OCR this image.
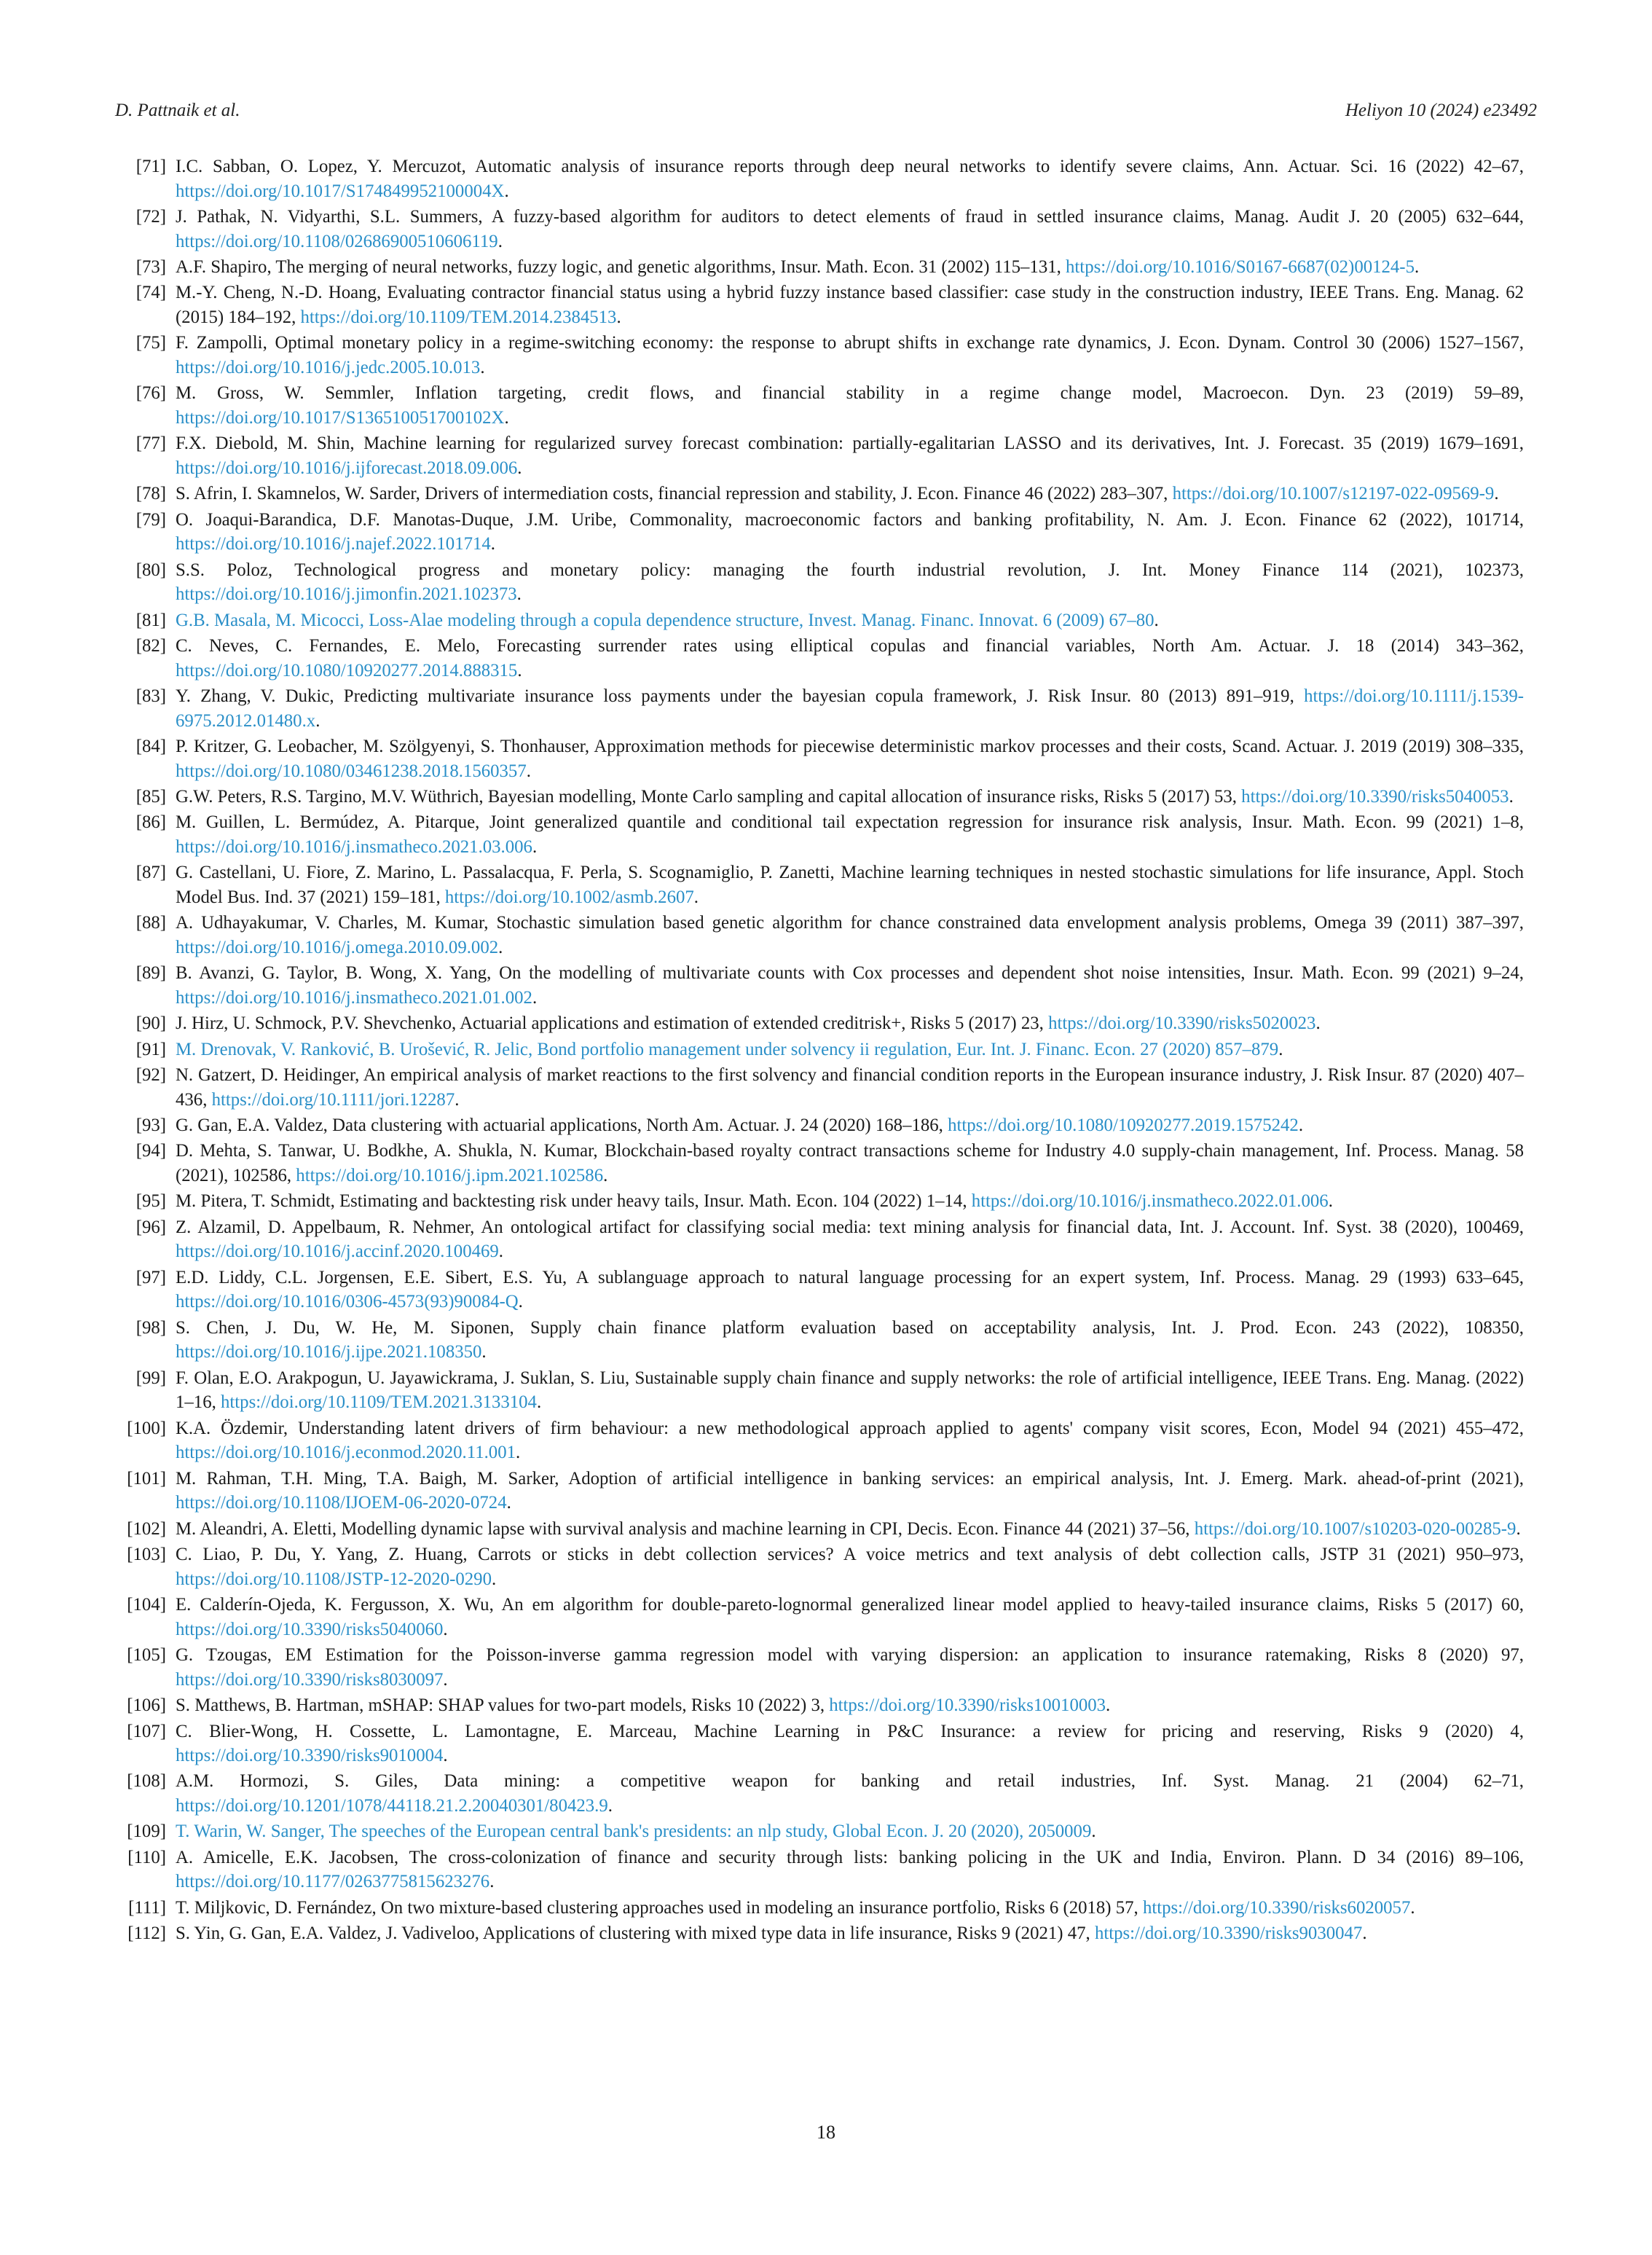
D. Pattnaik et al.	Heliyon 10 (2024) e23492
[71] I.C. Sabban, O. Lopez, Y. Mercuzot, Automatic analysis of insurance reports through deep neural networks to identify severe claims, Ann. Actuar. Sci. 16 (2022) 42–67, https://doi.org/10.1017/S174849952100004X.
[72] J. Pathak, N. Vidyarthi, S.L. Summers, A fuzzy-based algorithm for auditors to detect elements of fraud in settled insurance claims, Manag. Audit J. 20 (2005) 632–644, https://doi.org/10.1108/02686900510606119.
[73] A.F. Shapiro, The merging of neural networks, fuzzy logic, and genetic algorithms, Insur. Math. Econ. 31 (2002) 115–131, https://doi.org/10.1016/S0167-6687(02)00124-5.
[74] M.-Y. Cheng, N.-D. Hoang, Evaluating contractor financial status using a hybrid fuzzy instance based classifier: case study in the construction industry, IEEE Trans. Eng. Manag. 62 (2015) 184–192, https://doi.org/10.1109/TEM.2014.2384513.
[75] F. Zampolli, Optimal monetary policy in a regime-switching economy: the response to abrupt shifts in exchange rate dynamics, J. Econ. Dynam. Control 30 (2006) 1527–1567, https://doi.org/10.1016/j.jedc.2005.10.013.
[76] M. Gross, W. Semmler, Inflation targeting, credit flows, and financial stability in a regime change model, Macroecon. Dyn. 23 (2019) 59–89, https://doi.org/10.1017/S136510051700102X.
[77] F.X. Diebold, M. Shin, Machine learning for regularized survey forecast combination: partially-egalitarian LASSO and its derivatives, Int. J. Forecast. 35 (2019) 1679–1691, https://doi.org/10.1016/j.ijforecast.2018.09.006.
[78] S. Afrin, I. Skamnelos, W. Sarder, Drivers of intermediation costs, financial repression and stability, J. Econ. Finance 46 (2022) 283–307, https://doi.org/10.1007/s12197-022-09569-9.
[79] O. Joaqui-Barandica, D.F. Manotas-Duque, J.M. Uribe, Commonality, macroeconomic factors and banking profitability, N. Am. J. Econ. Finance 62 (2022), 101714, https://doi.org/10.1016/j.najef.2022.101714.
[80] S.S. Poloz, Technological progress and monetary policy: managing the fourth industrial revolution, J. Int. Money Finance 114 (2021), 102373, https://doi.org/10.1016/j.jimonfin.2021.102373.
[81] G.B. Masala, M. Micocci, Loss-Alae modeling through a copula dependence structure, Invest. Manag. Financ. Innovat. 6 (2009) 67–80.
[82] C. Neves, C. Fernandes, E. Melo, Forecasting surrender rates using elliptical copulas and financial variables, North Am. Actuar. J. 18 (2014) 343–362, https://doi.org/10.1080/10920277.2014.888315.
[83] Y. Zhang, V. Dukic, Predicting multivariate insurance loss payments under the bayesian copula framework, J. Risk Insur. 80 (2013) 891–919, https://doi.org/10.1111/j.1539-6975.2012.01480.x.
[84] P. Kritzer, G. Leobacher, M. Szölgyenyi, S. Thonhauser, Approximation methods for piecewise deterministic markov processes and their costs, Scand. Actuar. J. 2019 (2019) 308–335, https://doi.org/10.1080/03461238.2018.1560357.
[85] G.W. Peters, R.S. Targino, M.V. Wüthrich, Bayesian modelling, Monte Carlo sampling and capital allocation of insurance risks, Risks 5 (2017) 53, https://doi.org/10.3390/risks5040053.
[86] M. Guillen, L. Bermúdez, A. Pitarque, Joint generalized quantile and conditional tail expectation regression for insurance risk analysis, Insur. Math. Econ. 99 (2021) 1–8, https://doi.org/10.1016/j.insmatheco.2021.03.006.
[87] G. Castellani, U. Fiore, Z. Marino, L. Passalacqua, F. Perla, S. Scognamiglio, P. Zanetti, Machine learning techniques in nested stochastic simulations for life insurance, Appl. Stoch Model Bus. Ind. 37 (2021) 159–181, https://doi.org/10.1002/asmb.2607.
[88] A. Udhayakumar, V. Charles, M. Kumar, Stochastic simulation based genetic algorithm for chance constrained data envelopment analysis problems, Omega 39 (2011) 387–397, https://doi.org/10.1016/j.omega.2010.09.002.
[89] B. Avanzi, G. Taylor, B. Wong, X. Yang, On the modelling of multivariate counts with Cox processes and dependent shot noise intensities, Insur. Math. Econ. 99 (2021) 9–24, https://doi.org/10.1016/j.insmatheco.2021.01.002.
[90] J. Hirz, U. Schmock, P.V. Shevchenko, Actuarial applications and estimation of extended creditrisk+, Risks 5 (2017) 23, https://doi.org/10.3390/risks5020023.
[91] M. Drenovak, V. Ranković, B. Urošević, R. Jelic, Bond portfolio management under solvency ii regulation, Eur. Int. J. Financ. Econ. 27 (2020) 857–879.
[92] N. Gatzert, D. Heidinger, An empirical analysis of market reactions to the first solvency and financial condition reports in the European insurance industry, J. Risk Insur. 87 (2020) 407–436, https://doi.org/10.1111/jori.12287.
[93] G. Gan, E.A. Valdez, Data clustering with actuarial applications, North Am. Actuar. J. 24 (2020) 168–186, https://doi.org/10.1080/10920277.2019.1575242.
[94] D. Mehta, S. Tanwar, U. Bodkhe, A. Shukla, N. Kumar, Blockchain-based royalty contract transactions scheme for Industry 4.0 supply-chain management, Inf. Process. Manag. 58 (2021), 102586, https://doi.org/10.1016/j.ipm.2021.102586.
[95] M. Pitera, T. Schmidt, Estimating and backtesting risk under heavy tails, Insur. Math. Econ. 104 (2022) 1–14, https://doi.org/10.1016/j.insmatheco.2022.01.006.
[96] Z. Alzamil, D. Appelbaum, R. Nehmer, An ontological artifact for classifying social media: text mining analysis for financial data, Int. J. Account. Inf. Syst. 38 (2020), 100469, https://doi.org/10.1016/j.accinf.2020.100469.
[97] E.D. Liddy, C.L. Jorgensen, E.E. Sibert, E.S. Yu, A sublanguage approach to natural language processing for an expert system, Inf. Process. Manag. 29 (1993) 633–645, https://doi.org/10.1016/0306-4573(93)90084-Q.
[98] S. Chen, J. Du, W. He, M. Siponen, Supply chain finance platform evaluation based on acceptability analysis, Int. J. Prod. Econ. 243 (2022), 108350, https://doi.org/10.1016/j.ijpe.2021.108350.
[99] F. Olan, E.O. Arakpogun, U. Jayawickrama, J. Suklan, S. Liu, Sustainable supply chain finance and supply networks: the role of artificial intelligence, IEEE Trans. Eng. Manag. (2022) 1–16, https://doi.org/10.1109/TEM.2021.3133104.
[100] K.A. Özdemir, Understanding latent drivers of firm behaviour: a new methodological approach applied to agents' company visit scores, Econ, Model 94 (2021) 455–472, https://doi.org/10.1016/j.econmod.2020.11.001.
[101] M. Rahman, T.H. Ming, T.A. Baigh, M. Sarker, Adoption of artificial intelligence in banking services: an empirical analysis, Int. J. Emerg. Mark. ahead-of-print (2021), https://doi.org/10.1108/IJOEM-06-2020-0724.
[102] M. Aleandri, A. Eletti, Modelling dynamic lapse with survival analysis and machine learning in CPI, Decis. Econ. Finance 44 (2021) 37–56, https://doi.org/10.1007/s10203-020-00285-9.
[103] C. Liao, P. Du, Y. Yang, Z. Huang, Carrots or sticks in debt collection services? A voice metrics and text analysis of debt collection calls, JSTP 31 (2021) 950–973, https://doi.org/10.1108/JSTP-12-2020-0290.
[104] E. Calderín-Ojeda, K. Fergusson, X. Wu, An em algorithm for double-pareto-lognormal generalized linear model applied to heavy-tailed insurance claims, Risks 5 (2017) 60, https://doi.org/10.3390/risks5040060.
[105] G. Tzougas, EM Estimation for the Poisson-inverse gamma regression model with varying dispersion: an application to insurance ratemaking, Risks 8 (2020) 97, https://doi.org/10.3390/risks8030097.
[106] S. Matthews, B. Hartman, mSHAP: SHAP values for two-part models, Risks 10 (2022) 3, https://doi.org/10.3390/risks10010003.
[107] C. Blier-Wong, H. Cossette, L. Lamontagne, E. Marceau, Machine Learning in P&C Insurance: a review for pricing and reserving, Risks 9 (2020) 4, https://doi.org/10.3390/risks9010004.
[108] A.M. Hormozi, S. Giles, Data mining: a competitive weapon for banking and retail industries, Inf. Syst. Manag. 21 (2004) 62–71, https://doi.org/10.1201/1078/44118.21.2.20040301/80423.9.
[109] T. Warin, W. Sanger, The speeches of the European central bank's presidents: an nlp study, Global Econ. J. 20 (2020), 2050009.
[110] A. Amicelle, E.K. Jacobsen, The cross-colonization of finance and security through lists: banking policing in the UK and India, Environ. Plann. D 34 (2016) 89–106, https://doi.org/10.1177/0263775815623276.
[111] T. Miljkovic, D. Fernández, On two mixture-based clustering approaches used in modeling an insurance portfolio, Risks 6 (2018) 57, https://doi.org/10.3390/risks6020057.
[112] S. Yin, G. Gan, E.A. Valdez, J. Vadiveloo, Applications of clustering with mixed type data in life insurance, Risks 9 (2021) 47, https://doi.org/10.3390/risks9030047.
18
